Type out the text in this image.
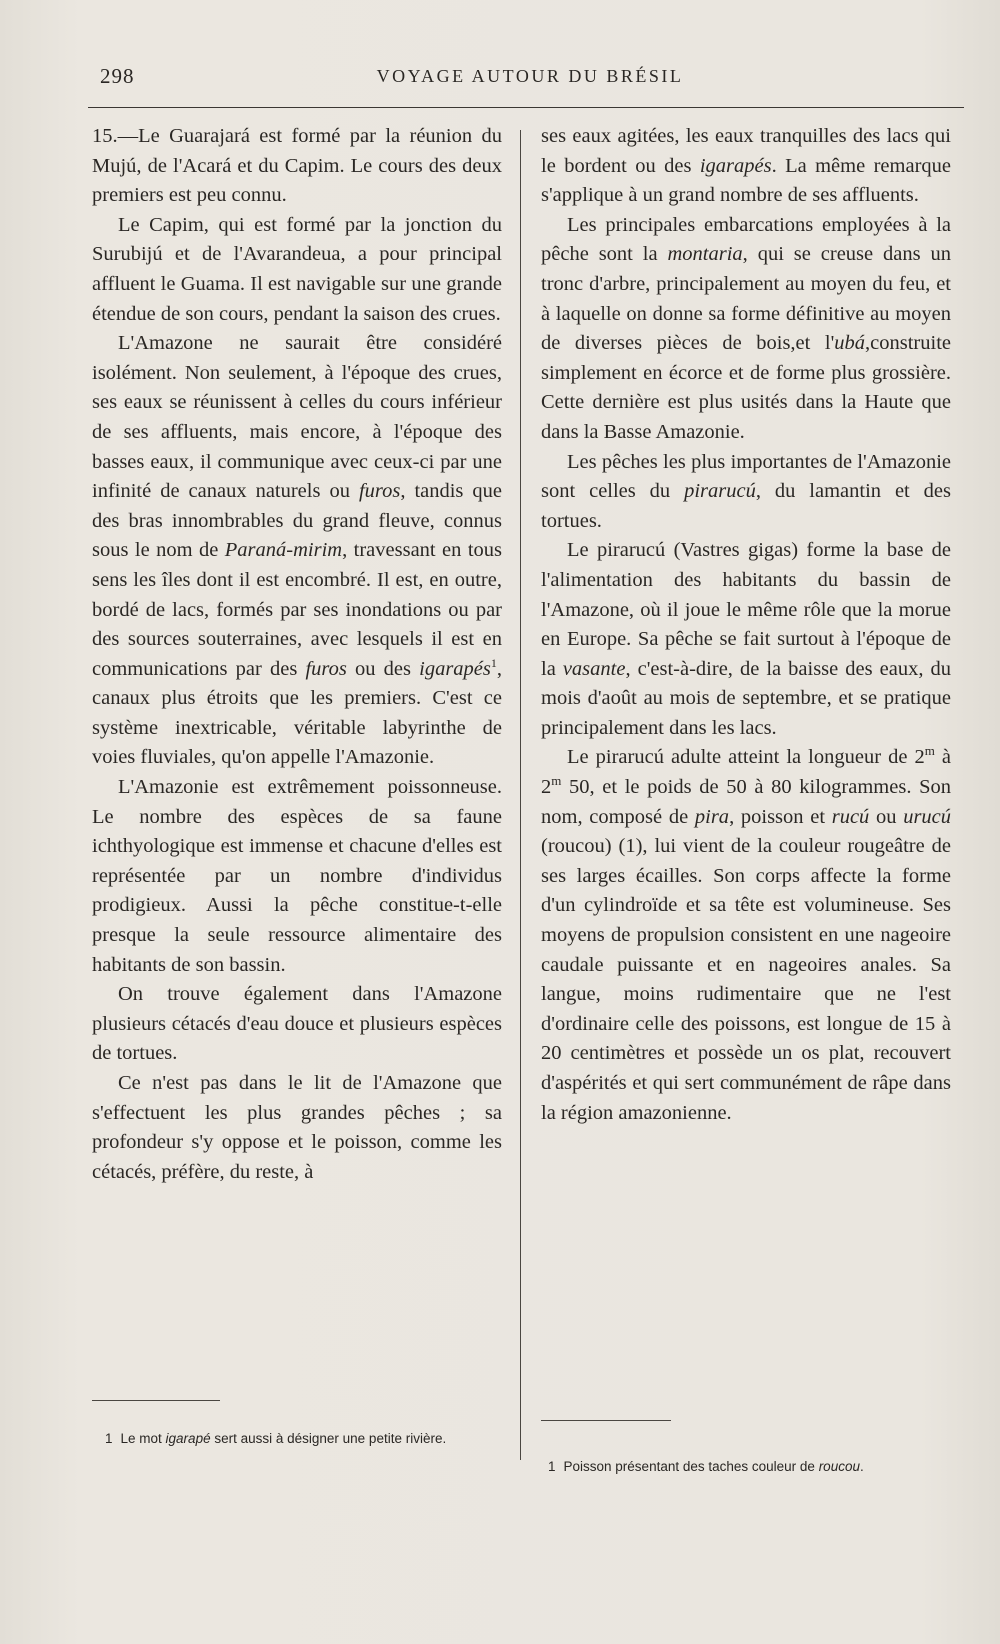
298	VOYAGE AUTOUR DU BRÉSIL

15.—Le Guarajará est formé par la réunion du Mujú, de l'Acará et du Capim. Le cours des deux premiers est peu connu.

Le Capim, qui est formé par la jonction du Surubijú et de l'Avarandeua, a pour principal affluent le Guama. Il est navigable sur une grande étendue de son cours, pendant la saison des crues.

L'Amazone ne saurait être considéré isolément. Non seulement, à l'époque des crues, ses eaux se réunissent à celles du cours inférieur de ses affluents, mais encore, à l'époque des basses eaux, il communique avec ceux-ci par une infinité de canaux naturels ou furos, tandis que des bras innombrables du grand fleuve, connus sous le nom de Paraná-mirim, travessant en tous sens les îles dont il est encombré. Il est, en outre, bordé de lacs, formés par ses inondations ou par des sources souterraines, avec lesquels il est en communications par des furos ou des igarapés$^1$, canaux plus étroits que les premiers. C'est ce système inextricable, véritable labyrinthe de voies fluviales, qu'on appelle l'Amazonie.

L'Amazonie est extrêmement poissonneuse. Le nombre des espèces de sa faune ichthyologique est immense et chacune d'elles est représentée par un nombre d'individus prodigieux. Aussi la pêche constitue-t-elle presque la seule ressource alimentaire des habitants de son bassin.

On trouve également dans l'Amazone plusieurs cétacés d'eau douce et plusieurs espèces de tortues.

Ce n'est pas dans le lit de l'Amazone que s'effectuent les plus grandes pêches ; sa profondeur s'y oppose et le poisson, comme les cétacés, préfère, du reste, à

ses eaux agitées, les eaux tranquilles des lacs qui le bordent ou des igarapés. La même remarque s'applique à un grand nombre de ses affluents.

Les principales embarcations employées à la pêche sont la montaria, qui se creuse dans un tronc d'arbre, principalement au moyen du feu, et à laquelle on donne sa forme définitive au moyen de diverses pièces de bois,et l'ubá,construite simplement en écorce et de forme plus grossière. Cette dernière est plus usités dans la Haute que dans la Basse Amazonie.

Les pêches les plus importantes de l'Amazonie sont celles du pirarucú, du lamantin et des tortues.

Le pirarucú (Vastres gigas) forme la base de l'alimentation des habitants du bassin de l'Amazone, où il joue le même rôle que la morue en Europe. Sa pêche se fait surtout à l'époque de la vasante, c'est-à-dire, de la baisse des eaux, du mois d'août au mois de septembre, et se pratique principalement dans les lacs.

Le pirarucú adulte atteint la longueur de 2$^m$ à 2$^m$ 50, et le poids de 50 à 80 kilogrammes. Son nom, composé de pira, poisson et rucú ou urucú (roucou) (1), lui vient de la couleur rougeâtre de ses larges écailles. Son corps affecte la forme d'un cylindroïde et sa tête est volumineuse. Ses moyens de propulsion consistent en une nageoire caudale puissante et en nageoires anales. Sa langue, moins rudimentaire que ne l'est d'ordinaire celle des poissons, est longue de 15 à 20 centimètres et possède un os plat, recouvert d'aspérités et qui sert communément de râpe dans la région amazonienne.

1 Le mot igarapé sert aussi à désigner une petite rivière.
1 Poisson présentant des taches couleur de roucou.
